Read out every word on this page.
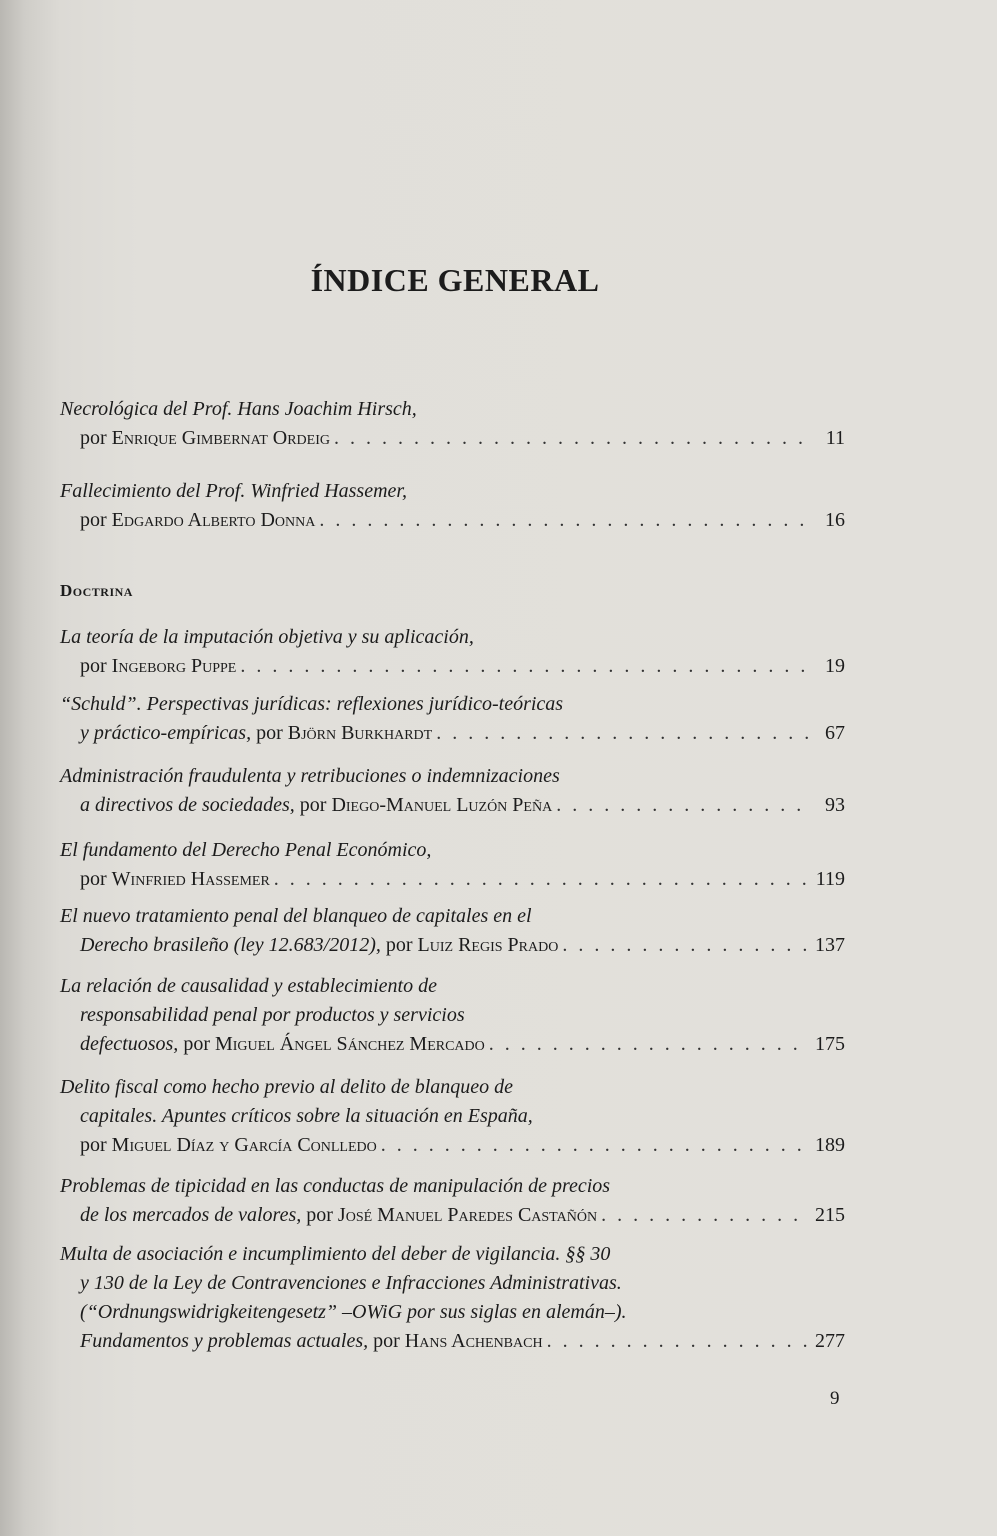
ÍNDICE GENERAL
Necrológica del Prof. Hans Joachim Hirsch,
por Enrique Gimbernat Ordeig . . .	11
Fallecimiento del Prof. Winfried Hassemer,
por Edgardo Alberto Donna . . .	16
Doctrina
La teoría de la imputación objetiva y su aplicación,
por Ingeborg Puppe . . .	19
“Schuld”. Perspectivas jurídicas: reflexiones jurídico-teóricas
y práctico-empíricas, por Björn Burkhardt . . .	67
Administración fraudulenta y retribuciones o indemnizaciones
a directivos de sociedades, por Diego-Manuel Luzón Peña . . .	93
El fundamento del Derecho Penal Económico,
por Winfried Hassemer . . .	119
El nuevo tratamiento penal del blanqueo de capitales en el
Derecho brasileño (ley 12.683/2012), por Luiz Regis Prado . . .	137
La relación de causalidad y establecimiento de
responsabilidad penal por productos y servicios
defectuosos, por Miguel Ángel Sánchez Mercado . . .	175
Delito fiscal como hecho previo al delito de blanqueo de
capitales. Apuntes críticos sobre la situación en España,
por Miguel Díaz y García Conlledo . . .	189
Problemas de tipicidad en las conductas de manipulación de precios
de los mercados de valores, por José Manuel Paredes Castañón . . .	215
Multa de asociación e incumplimiento del deber de vigilancia. §§ 30
y 130 de la Ley de Contravenciones e Infracciones Administrativas.
(“Ordnungswidrigkeitengesetz” –OWiG por sus siglas en alemán–).
Fundamentos y problemas actuales, por Hans Achenbach . . .	277
9
